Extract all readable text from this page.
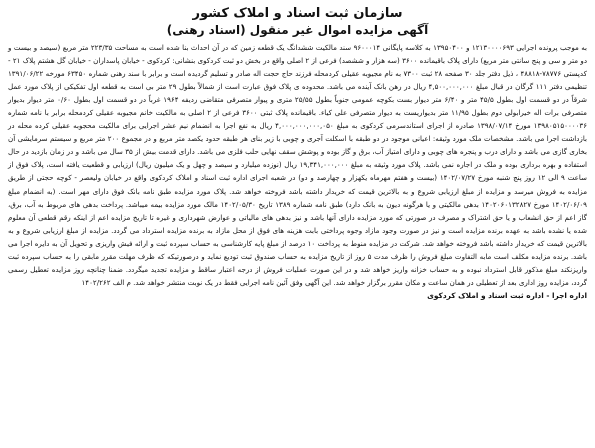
سازمان ثبت اسناد و املاک کشور
آگهی مزایده اموال غیر منقول (اسناد رهنی)

به موجب پرونده اجرایی ۱۲۱۳۰۰۰۰۶۹۳ و ۱۳۹۵۰۴۰۰ به کلاسه پایگانی ۹۶۰۰۰۱۴ سند مالکیت ششدانگ یک قطعه زمین که در آن احداث بنا شده است به مساحت ۲۲۳/۳۵ متر مربع (سیصد و بیست و دو متر و سی و پنج سانتی متر مربع) دارای پلاک باقیمانده ۳۶۰۰ (سه هزار و ششصد) فرعی از ۲ اصلی واقع در بخش دو ثبت کردکوی بنشانی: کردکوی - خیابان پاسداران - خیابان گل هشتم پلاک ۲۱ - کدپستی ۷۸۷۷۶-۴۸۸۱۸ ، ذیل دفتر جلد ۳۰ صفحه ۲۸ ثبت ۷۳۰۰ به نام مجیوبه عقیلی کردمحله فرزند حاج حجت اله صادر و تسلیم گردیده است و برابر با سند رهنی شماره ۶۳۴۵۰ مورخه ۱۳۹۱/۰۶/۲۲ تنظیمی دفتر ۱۱۱ گرگان در قبال مبلغ ۴,۵۰۰,۰۰۰,۰۰۰ ریال در رهن بانک آینده می باشد. محدوده ی پلاک فوق عبارت است از شمالاً بطول ۲۹ متر بی است به قطعه اول تفکیکی از پلاک مورد عمل شرقاً در دو قسمت اول بطول ۴۵/۵ متر و ۶/۴۰ متر دیوار بست بکوچه عمومی جنوباً بطول ۲۵/۵۵ متری و پیوار متصرفی متقاضی ردیفه ۱۹۶۴ غرباً در دو قسمت اول بطول ۰/۶۰ متر دیوار بدیوار متصرفی برات اله خیرابولی دوم بطول ۱۱/۹۵ متر بدیواریست به دیوار متصرفی علی کیاء. باقیمانده پلاک ثبتی ۳۶۰۰ فرعی از ۲ اصلی به مالکیت خانم مجیوبه عقیلی کردمحله برابر با نامه شماره ۱۳۹۸۰۵۱۵۰۰۰۰۳۶ مورخ ۱۳۹۸/۰۷/۱۴ صادره از اجرای استاندسرمی کردکوی به مبلغ ۴,۰۰۰,۰۰۰,۰۰۰,۰۵۰ ریال به نفع اجرا به انضمام نیم عشر اجرایی برای مالکیت محجوبه عقیلی کرده محله در بازداشت اجرا می باشد. مشخصات ملک مورد وثیقه: اعیانی موجود در دو طبقه با اسکلت آجری و چوبی با زیر بنای هر طبقه حدود یکصد متر مربع و در مجموع ۲۰۰ متر مربع و سیستم سرمایشی آن بخاری گازی می باشد و دارای درب و پنجره های چوبی و دارای امتیاز آب، برق و گاز بوده و پوشش سقف نهایی حلب فلزی می باشد. دارای قدمت بیش از ۳۵ سال می باشد و در زمان بازدید در حال استفاده و بهره برداری بوده و ملک در اجاره نمی باشد. پلاک مورد وثیقه به مبلغ ۱۹,۳۴۱,۰۰۰,۰۰۰ ریال (نوزده میلیارد و سیصد و چهل و یک میلیون ریال) ارزیابی و قطعیت یافته است، پلاک فوق از ساعت ۹ الی ۱۲ روز پنج شنبه مورخ ۱۴۰۲/۰۷/۲۷ (بیست و هفتم مهرماه یکهزار و چهارصد و دو) در شعبه اجرای اداره ثبت اسناد و املاک کردکوی واقع در خیابان ولیعصر - کوچه حجتی از طریق مزایده به فروش میرسد و مزایده از مبلغ ارزیابی شروع و به بالاترین قیمت که خریدار داشته باشد فروخته خواهد شد. پلاک مورد مزایده طبق نامه بانک فوق دارای مهر است. (به انضمام مبلغ ۱۴۰۲/۰۶/۰۹ مورخ ۱۴۰۲۰۶۰۱۳۲۸۲۷ بدهی مالکیتی و یا هرگونه دیون به بانک دارد) طبق نامه شماره ۱۳۸۹ تاریخ ۱۴۰۲/۰۵/۳۰ مالک مورد مزایده بیمه میباشد. پرداخت بدهی های مربوط به آب، برق، گاز اعم از حق انشعاب و یا حق اشتراک و مصرف در صورتی که مورد مزایده دارای آنها باشد و نیز بدهی های مالیاتی و عوارض شهرداری و غیره تا تاریخ مزایده اعم از اینکه رقم قطعی آن معلوم شده یا نشده باشد به عهده برنده مزایده است و نیز در صورت وجود مازاد وجوه پرداختی بابت هزینه های فوق از محل مازاد به برنده مزایده استرداد می گردد. مزایده از مبلغ ارزیابی شروع و به بالاترین قیمت که خریدار داشته باشد فروخته خواهد شد. شرکت در مزایده منوط به پرداخت ۱۰ درصد از مبلغ پایه کارشناسی به حساب سپرده ثبت و ارائه فیش واریزی و تحویل آن به دایره اجرا می باشد. برنده مزایده مکلف است مابه التفاوت مبلغ فروش را ظرف مدت ۵ روز از تاریخ مزایده به حساب صندوق ثبت تودیع نماید و درصورتیکه که ظرف مهلت مقرر مابقی را به حساب سپرده ثبت واریزنکند مبلغ مذکور قابل استرداد نبوده و به حساب خزانه واریز خواهد شد و در این صورت عملیات فروش از درجه اعتبار ساقط و مزایده تجدید میگردد. ضمنا چنانچه روز مزایده تعطیل رسمی گردد، مزایده روز اداری بعد از تعطیلی در همان ساعت و مکان مقرر برگزار خواهد شد. این آگهی وفق آئین نامه اجرایی فقط در یک نوبت منتشر خواهد شد. م الف ۱۴۰۲/۲۶۲

اداره اجرا - اداره ثبت اسناد و املاک کردکوی
